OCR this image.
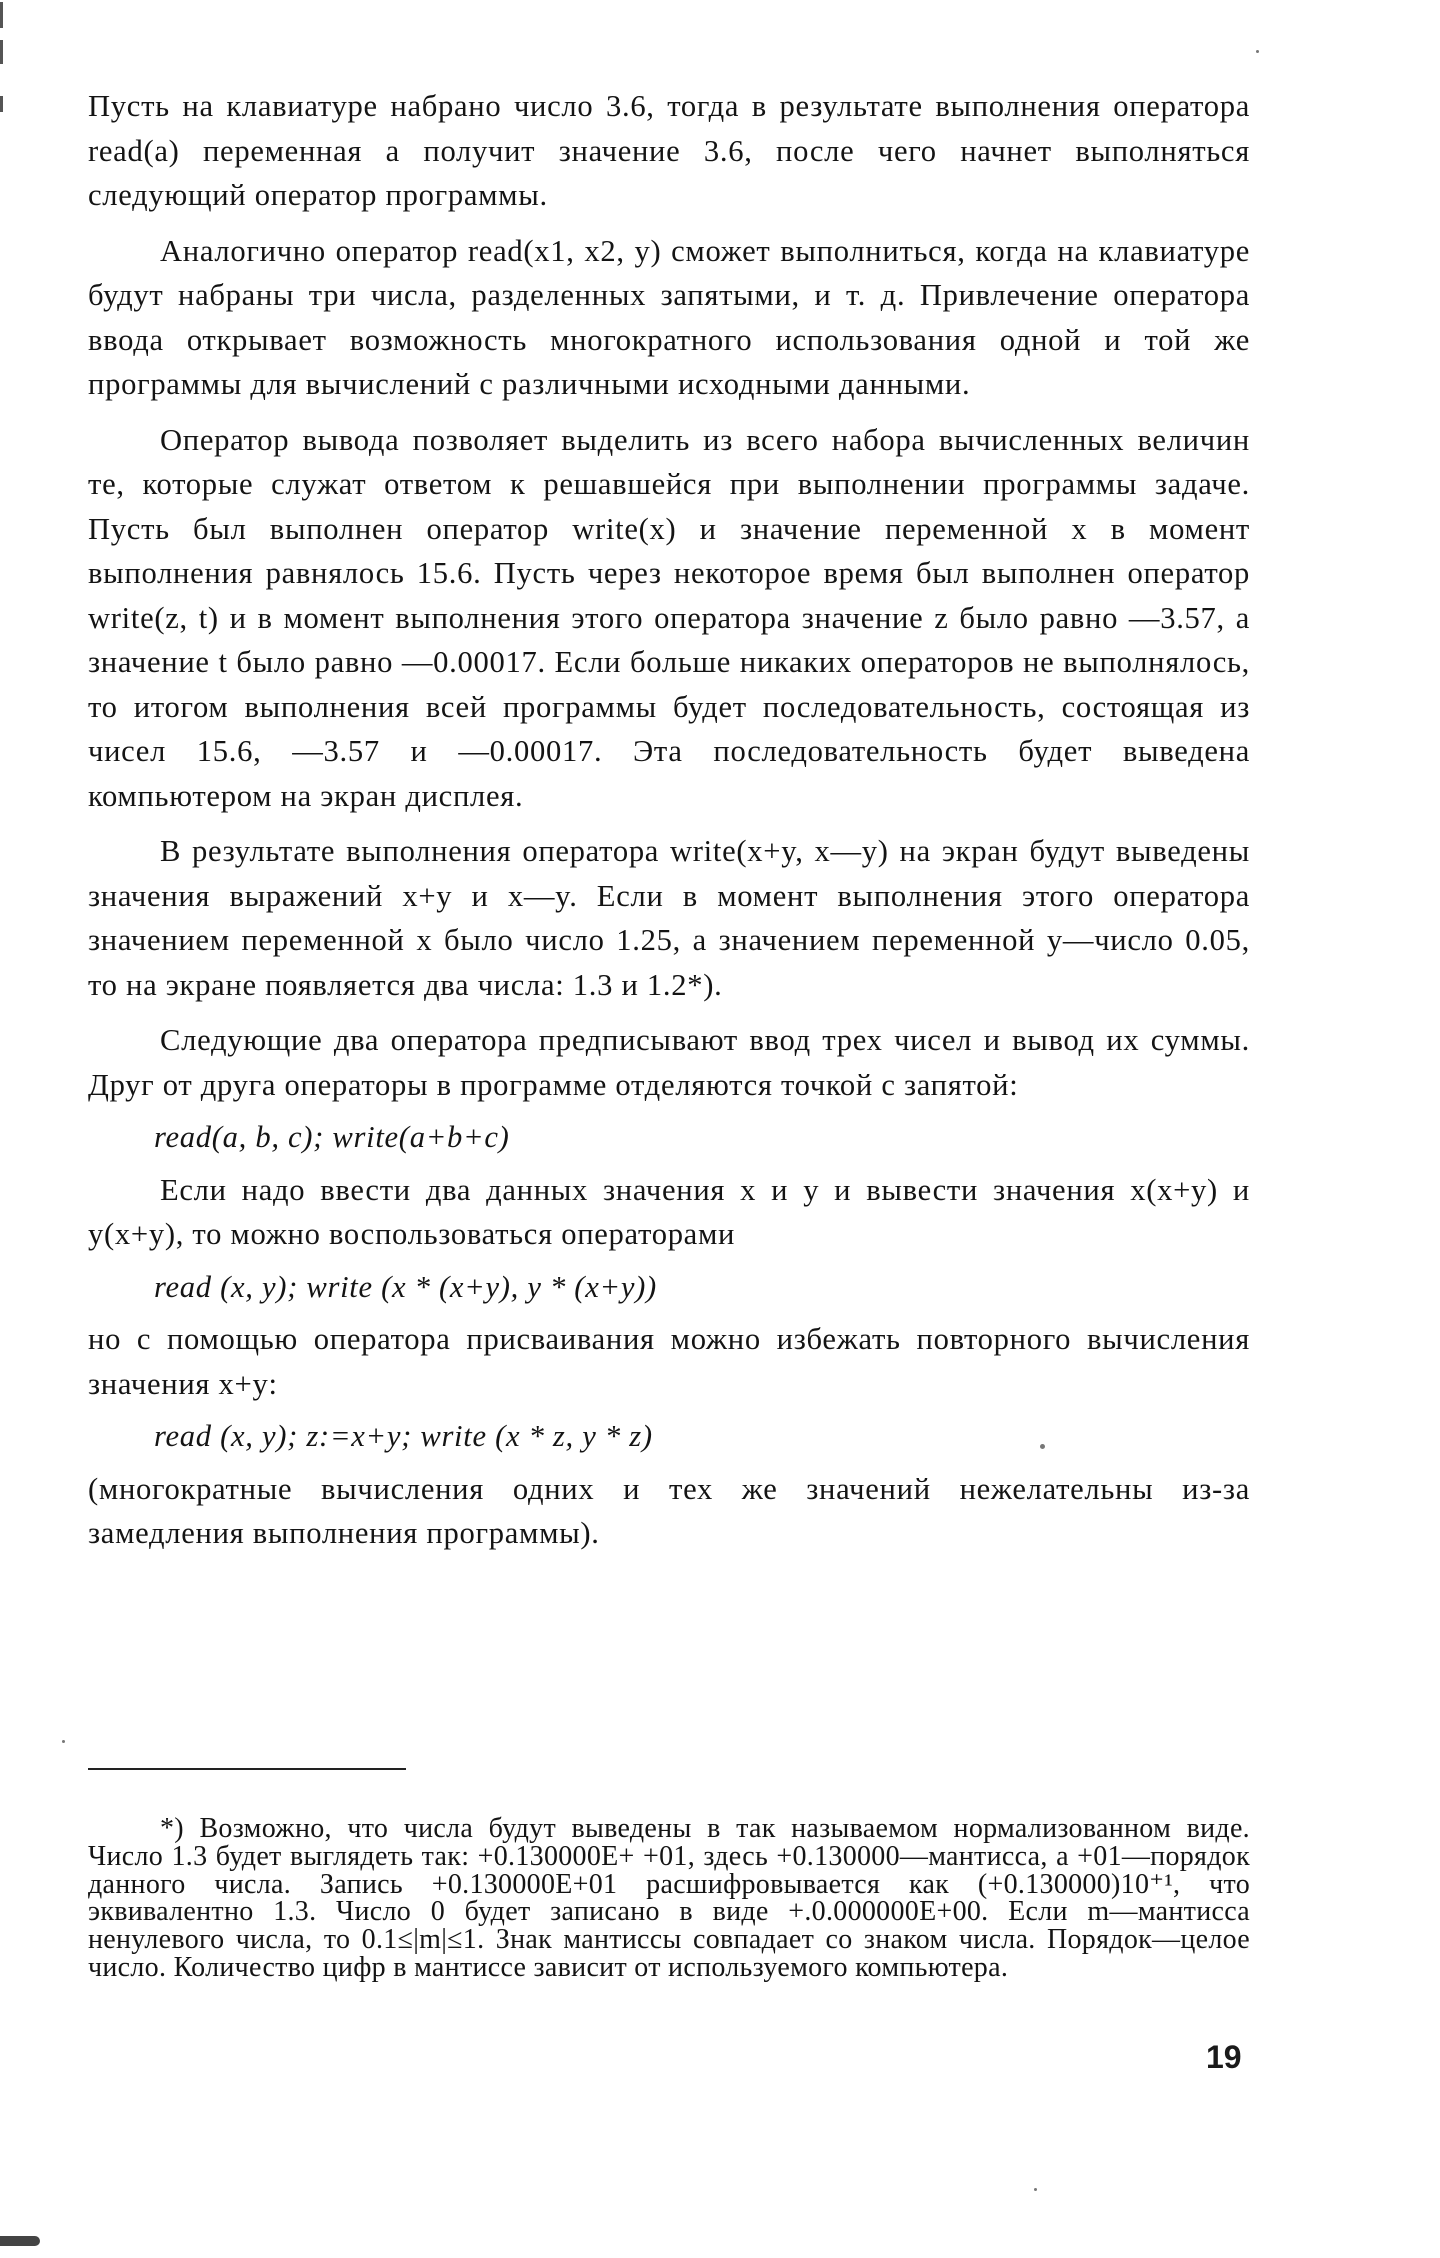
Пусть на клавиатуре набрано число 3.6, тогда в результате выполнения оператора read(a) переменная a получит значение 3.6, после чего начнет выполняться следующий оператор программы.

Аналогично оператор read(x1, x2, y) сможет выполниться, когда на клавиатуре будут набраны три числа, разделенных запятыми, и т. д. Привлечение оператора ввода открывает возможность многократного использования одной и той же программы для вычислений с различными исходными данными.

Оператор вывода позволяет выделить из всего набора вычисленных величин те, которые служат ответом к решавшейся при выполнении программы задаче. Пусть был выполнен оператор write(x) и значение переменной x в момент выполнения равнялось 15.6. Пусть через некоторое время был выполнен оператор write(z, t) и в момент выполнения этого оператора значение z было равно —3.57, а значение t было равно —0.00017. Если больше никаких операторов не выполнялось, то итогом выполнения всей программы будет последовательность, состоящая из чисел 15.6, —3.57 и —0.00017. Эта последовательность будет выведена компьютером на экран дисплея.

В результате выполнения оператора write(x+y, x—y) на экран будут выведены значения выражений x+y и x—y. Если в момент выполнения этого оператора значением переменной x было число 1.25, а значением переменной y—число 0.05, то на экране появляется два числа: 1.3 и 1.2*).

Следующие два оператора предписывают ввод трех чисел и вывод их суммы. Друг от друга операторы в программе отделяются точкой с запятой:

read(a, b, c); write(a+b+c)

Если надо ввести два данных значения x и y и вывести значения x(x+y) и y(x+y), то можно воспользоваться операторами

read (x, y); write (x * (x+y), y * (x+y))

но с помощью оператора присваивания можно избежать повторного вычисления значения x+y:

read (x, y); z:=x+y; write (x * z, y * z)

(многократные вычисления одних и тех же значений нежелательны из-за замедления выполнения программы).

*) Возможно, что числа будут выведены в так называемом нормализованном виде. Число 1.3 будет выглядеть так: +0.130000E+ +01, здесь +0.130000—мантисса, а +01—порядок данного числа. Запись +0.130000E+01 расшифровывается как (+0.130000)10⁺¹, что эквивалентно 1.3. Число 0 будет записано в виде +.0.000000E+00. Если m—мантисса ненулевого числа, то 0.1≤|m|≤1. Знак мантиссы совпадает со знаком числа. Порядок—целое число. Количество цифр в мантиссе зависит от используемого компьютера.

19
